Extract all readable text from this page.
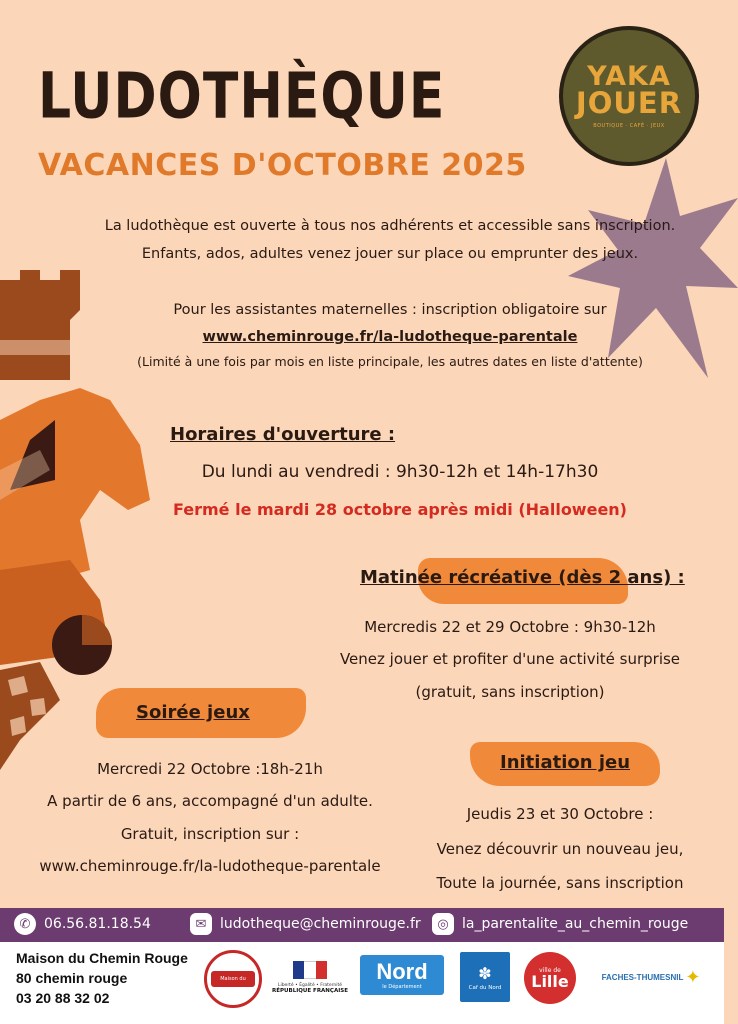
YAKA
JOUER
BOUTIQUE · CAFÉ · JEUX
LUDOTHÈQUE
VACANCES D'OCTOBRE 2025
La ludothèque est ouverte à tous nos adhérents et accessible sans inscription.
Enfants, ados, adultes venez jouer sur place ou emprunter des jeux.
Pour les assistantes maternelles : inscription obligatoire sur
www.cheminrouge.fr/la-ludotheque-parentale
(Limité à une fois par mois en liste principale, les autres dates en liste d'attente)
Horaires d'ouverture :
Du lundi au vendredi : 9h30-12h et 14h-17h30
Fermé le mardi 28 octobre après midi (Halloween)
Matinée récréative (dès 2 ans) :
Mercredis 22 et 29 Octobre : 9h30-12h
Venez jouer et profiter d'une activité surprise
(gratuit, sans inscription)
Soirée jeux
Mercredi 22 Octobre :18h-21h
A partir de 6 ans, accompagné d'un adulte.
Gratuit, inscription sur :
www.cheminrouge.fr/la-ludotheque-parentale
Initiation jeu
Jeudis 23 et 30 Octobre :
Venez découvrir un nouveau jeu,
Toute la journée, sans inscription
✆ 06.56.81.18.54	✉ ludotheque@cheminrouge.fr	◎ la_parentalite_au_chemin_rouge
Maison du Chemin Rouge
80 chemin rouge
03 20 88 32 02
Maison du Chemin Rouge
Liberté • Égalité • Fraternité
RÉPUBLIQUE FRANÇAISE
Nord
le Département
✽
Caf du Nord
ville de
Lille	FACHES-THUMESNIL ✦
